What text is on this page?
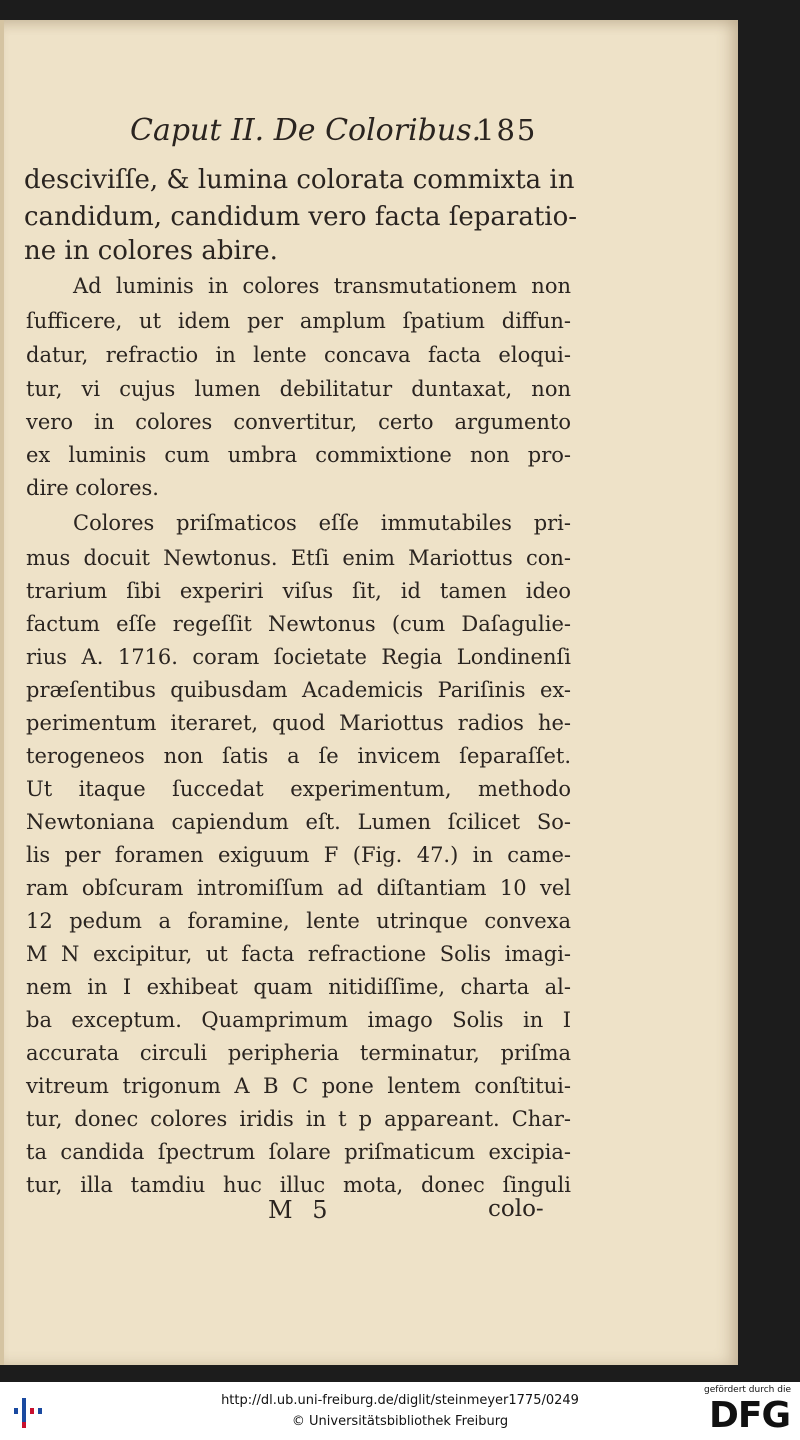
Caput II. De Coloribus.
185
desciviſſe, & lumina colorata commixta in
candidum, candidum vero facta ſeparatio-
ne in colores abire.
Ad luminis in colores transmutationem non
ſufficere, ut idem per amplum ſpatium diffun-
datur, refractio in lente concava facta eloqui-
tur, vi cujus lumen debilitatur duntaxat, non
vero in colores convertitur, certo argumento
ex luminis cum umbra commixtione non pro-
dire colores.
Colores priſmaticos eſſe immutabiles pri-
mus docuit Newtonus. Etſi enim Mariottus con-
trarium ſibi experiri viſus ſit, id tamen ideo
factum eſſe regeſſit Newtonus (cum Daſagulie-
rius A. 1716. coram ſocietate Regia Londinenſi
præſentibus quibusdam Academicis Pariſinis ex-
perimentum iteraret, quod Mariottus radios he-
terogeneos non ſatis a ſe invicem ſeparaſſet.
Ut itaque ſuccedat experimentum, methodo
Newtoniana capiendum eſt. Lumen ſcilicet So-
lis per foramen exiguum F (Fig. 47.) in came-
ram obſcuram intromiſſum ad diſtantiam 10 vel
12 pedum a foramine, lente utrinque convexa
M N excipitur, ut facta refractione Solis imagi-
nem in I exhibeat quam nitidiſſime, charta al-
ba exceptum. Quamprimum imago Solis in I
accurata circuli peripheria terminatur, priſma
vitreum trigonum A B C pone lentem conſtitui-
tur, donec colores iridis in t p appareant. Char-
ta candida ſpectrum ſolare priſmaticum excipia-
tur, illa tamdiu huc illuc mota, donec ſinguli
M 5	colo-
http://dl.ub.uni-freiburg.de/diglit/steinmeyer1775/0249
© Universitätsbibliothek Freiburg
gefördert durch die
DFG
